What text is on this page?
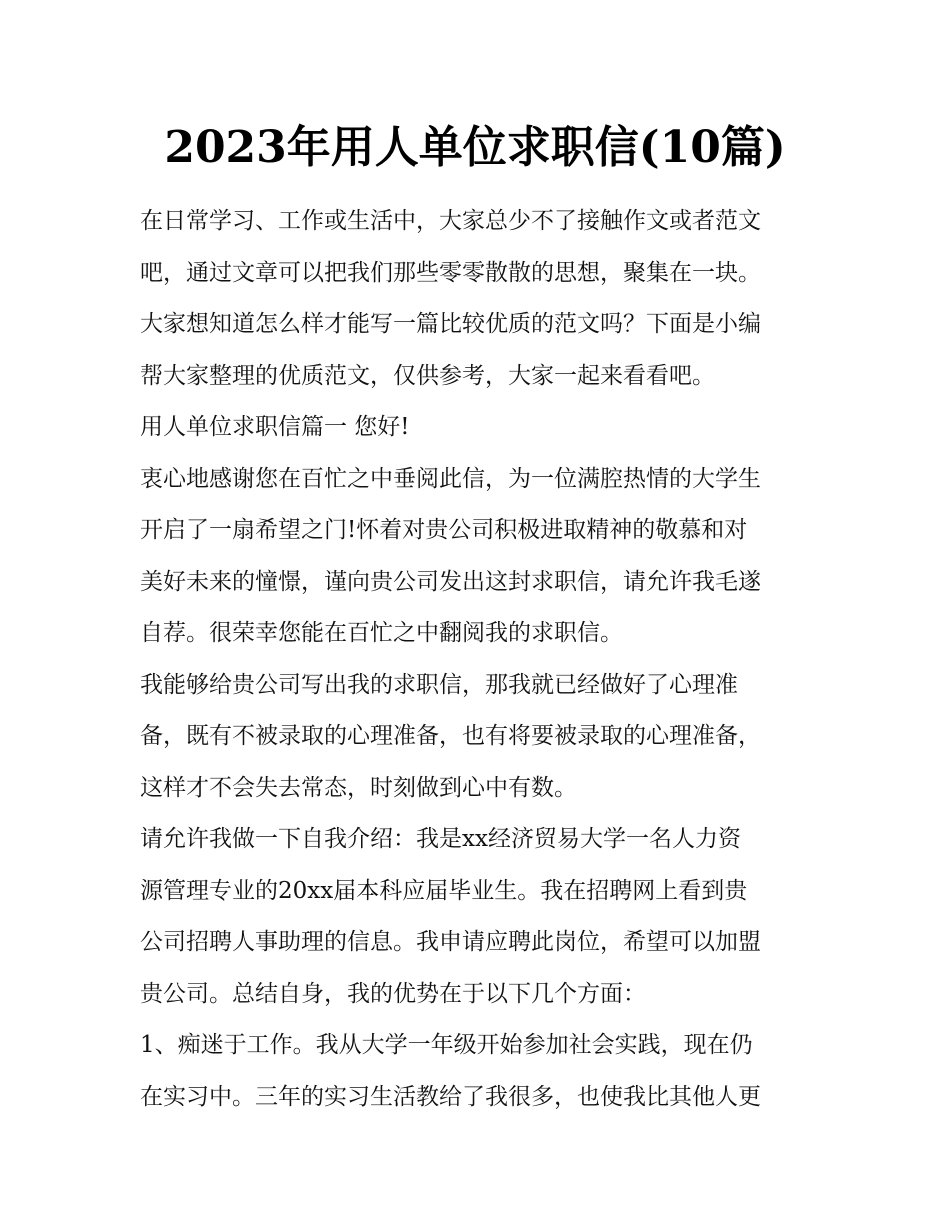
2023年用人单位求职信(10篇)
在日常学习、工作或生活中，大家总少不了接触作文或者范文
吧，通过文章可以把我们那些零零散散的思想，聚集在一块。
大家想知道怎么样才能写一篇比较优质的范文吗？下面是小编
帮大家整理的优质范文，仅供参考，大家一起来看看吧。
用人单位求职信篇一 您好!
衷心地感谢您在百忙之中垂阅此信，为一位满腔热情的大学生
开启了一扇希望之门!怀着对贵公司积极进取精神的敬慕和对
美好未来的憧憬，谨向贵公司发出这封求职信，请允许我毛遂
自荐。很荣幸您能在百忙之中翻阅我的求职信。
我能够给贵公司写出我的求职信，那我就已经做好了心理准
备，既有不被录取的心理准备，也有将要被录取的心理准备，
这样才不会失去常态，时刻做到心中有数。
请允许我做一下自我介绍：我是xx经济贸易大学一名人力资
源管理专业的20xx届本科应届毕业生。我在招聘网上看到贵
公司招聘人事助理的信息。我申请应聘此岗位，希望可以加盟
贵公司。总结自身，我的优势在于以下几个方面：
1、痴迷于工作。我从大学一年级开始参加社会实践，现在仍
在实习中。三年的实习生活教给了我很多，也使我比其他人更
